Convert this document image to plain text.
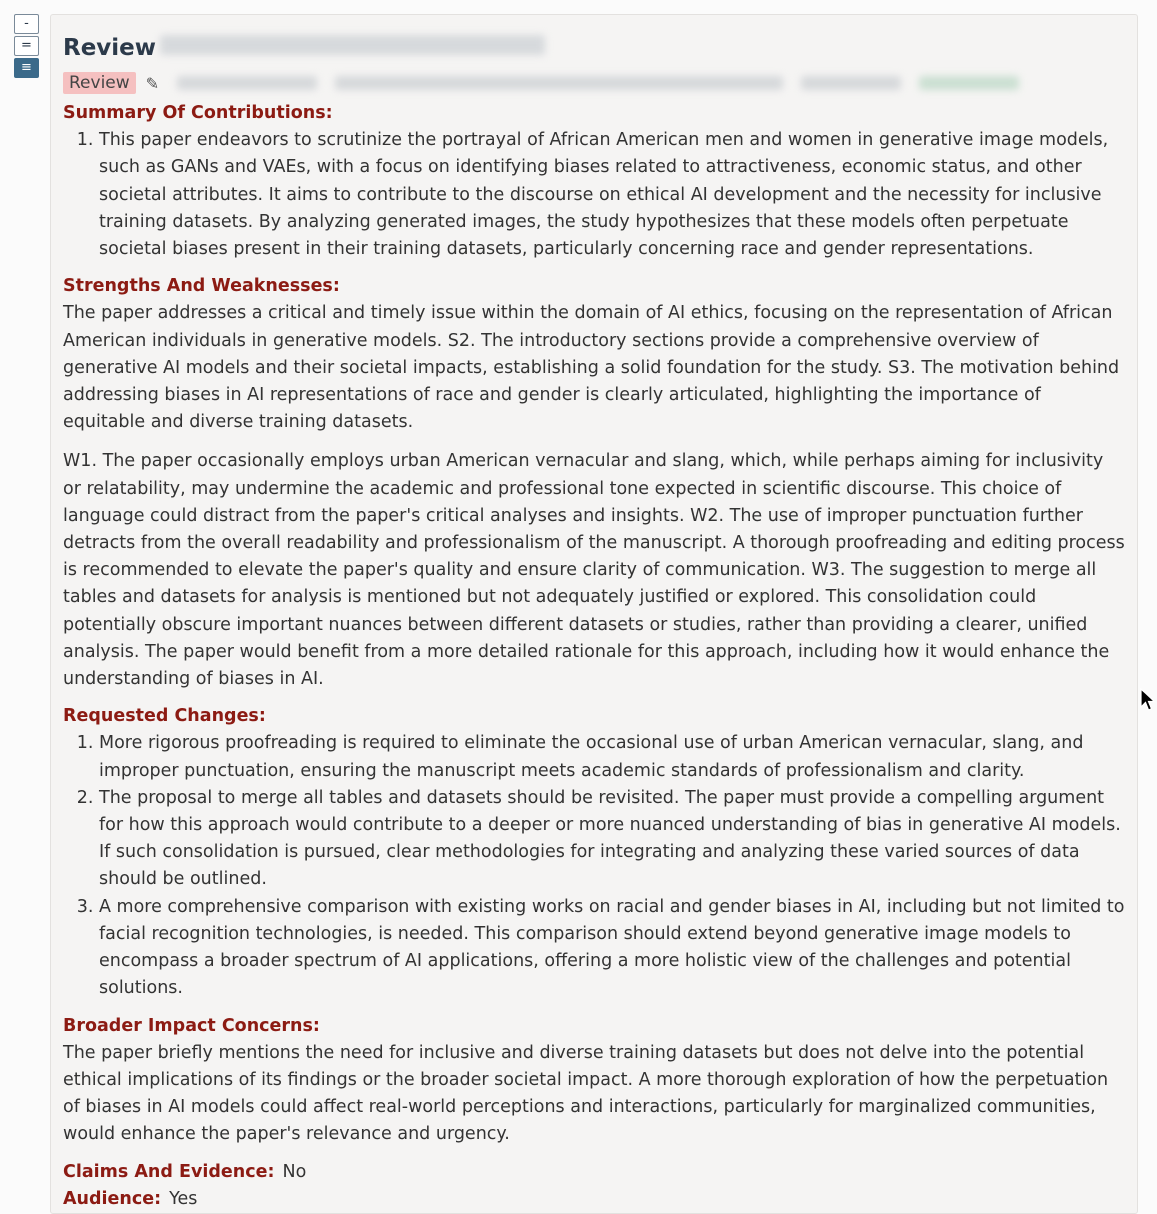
-
=
≡
Review
Review	✎
Summary Of Contributions:
1. This paper endeavors to scrutinize the portrayal of African American men and women in generative image models, such as GANs and VAEs, with a focus on identifying biases related to attractiveness, economic status, and other societal attributes. It aims to contribute to the discourse on ethical AI development and the necessity for inclusive training datasets. By analyzing generated images, the study hypothesizes that these models often perpetuate societal biases present in their training datasets, particularly concerning race and gender representations.
Strengths And Weaknesses:

The paper addresses a critical and timely issue within the domain of AI ethics, focusing on the representation of African American individuals in generative models. S2. The introductory sections provide a comprehensive overview of generative AI models and their societal impacts, establishing a solid foundation for the study. S3. The motivation behind addressing biases in AI representations of race and gender is clearly articulated, highlighting the importance of equitable and diverse training datasets.

W1. The paper occasionally employs urban American vernacular and slang, which, while perhaps aiming for inclusivity or relatability, may undermine the academic and professional tone expected in scientific discourse. This choice of language could distract from the paper's critical analyses and insights. W2. The use of improper punctuation further detracts from the overall readability and professionalism of the manuscript. A thorough proofreading and editing process is recommended to elevate the paper's quality and ensure clarity of communication. W3. The suggestion to merge all tables and datasets for analysis is mentioned but not adequately justified or explored. This consolidation could potentially obscure important nuances between different datasets or studies, rather than providing a clearer, unified analysis. The paper would benefit from a more detailed rationale for this approach, including how it would enhance the understanding of biases in AI.

Requested Changes:
1. More rigorous proofreading is required to eliminate the occasional use of urban American vernacular, slang, and improper punctuation, ensuring the manuscript meets academic standards of professionalism and clarity.
2. The proposal to merge all tables and datasets should be revisited. The paper must provide a compelling argument for how this approach would contribute to a deeper or more nuanced understanding of bias in generative AI models. If such consolidation is pursued, clear methodologies for integrating and analyzing these varied sources of data should be outlined.
3. A more comprehensive comparison with existing works on racial and gender biases in AI, including but not limited to facial recognition technologies, is needed. This comparison should extend beyond generative image models to encompass a broader spectrum of AI applications, offering a more holistic view of the challenges and potential solutions.
Broader Impact Concerns:

The paper briefly mentions the need for inclusive and diverse training datasets but does not delve into the potential ethical implications of its findings or the broader societal impact. A more thorough exploration of how the perpetuation of biases in AI models could affect real-world perceptions and interactions, particularly for marginalized communities, would enhance the paper's relevance and urgency.

Claims And Evidence: No
Audience: Yes
